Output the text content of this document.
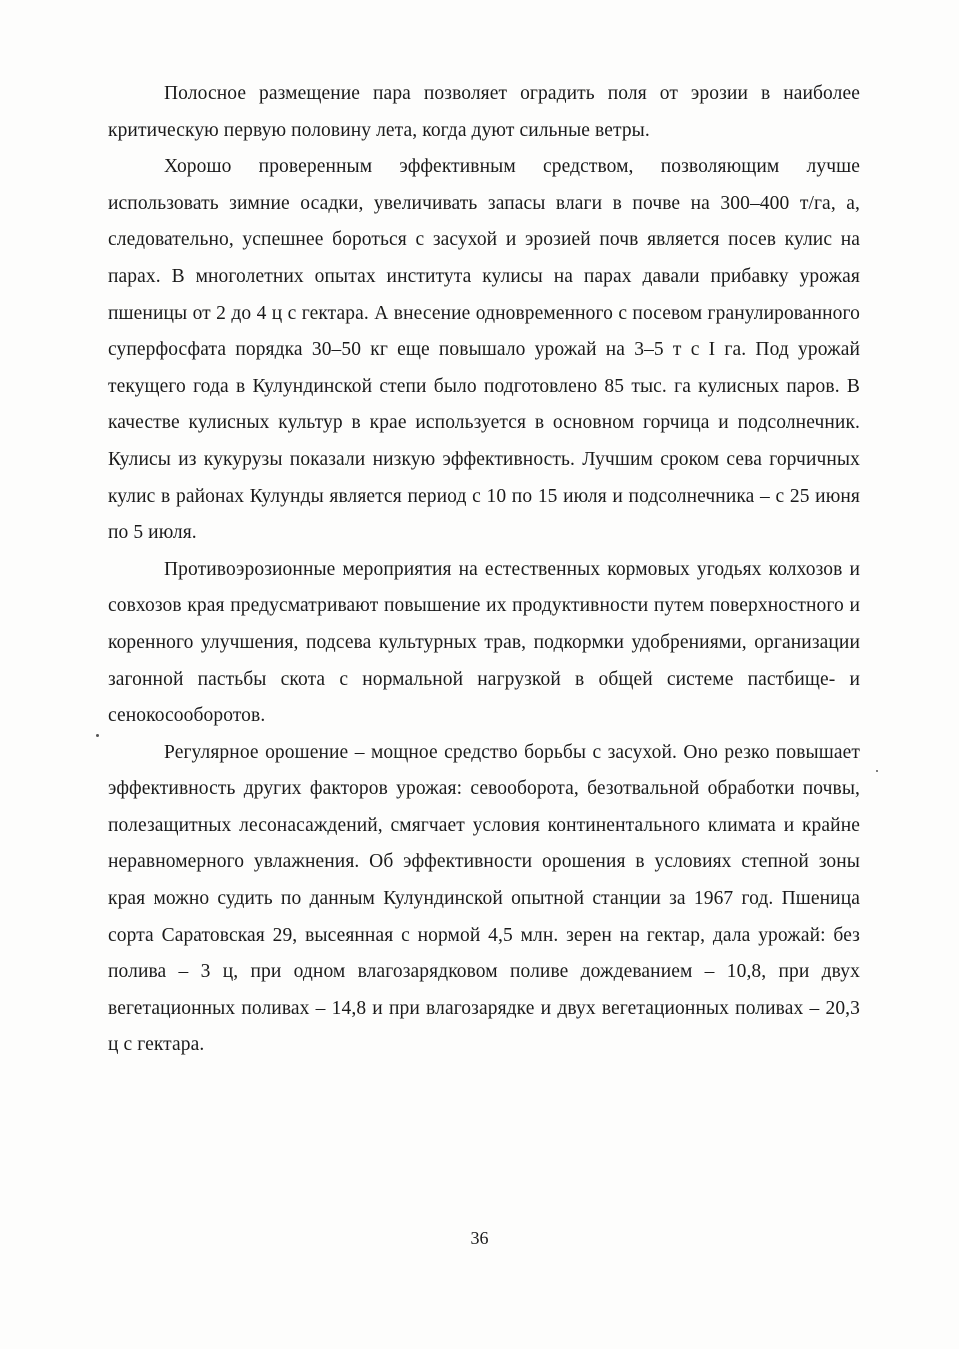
Полосное размещение пара позволяет оградить поля от эрозии в наиболее критическую первую половину лета, когда дуют сильные ветры.

Хорошо проверенным эффективным средством, позволяющим лучше использовать зимние осадки, увеличивать запасы влаги в почве на 300–400 т/га, а, следовательно, успешнее бороться с засухой и эрозией почв является посев кулис на парах. В многолетних опытах института кулисы на парах давали прибавку урожая пшеницы от 2 до 4 ц с гектара. А внесение одновременного с посевом гранулированного суперфосфата порядка 30–50 кг еще повышало урожай на 3–5 т с I га. Под урожай текущего года в Кулундинской степи было подготовлено 85 тыс. га кулисных паров. В качестве кулисных культур в крае используется в основном горчица и подсолнечник. Кулисы из кукурузы показали низкую эффективность. Лучшим сроком сева горчичных кулис в районах Кулунды является период с 10 по 15 июля и подсолнечника – с 25 июня по 5 июля.

Противоэрозионные мероприятия на естественных кормовых угодьях колхозов и совхозов края предусматривают повышение их продуктивности путем поверхностного и коренного улучшения, подсева культурных трав, подкормки удобрениями, организации загонной пастьбы скота с нормальной нагрузкой в общей системе пастбище- и сенокосооборотов.

Регулярное орошение – мощное средство борьбы с засухой. Оно резко повышает эффективность других факторов урожая: севооборота, безотвальной обработки почвы, полезащитных лесонасаждений, смягчает условия континентального климата и крайне неравномерного увлажнения. Об эффективности орошения в условиях степной зоны края можно судить по данным Кулундинской опытной станции за 1967 год. Пшеница сорта Саратовская 29, высеянная с нормой 4,5 млн. зерен на гектар, дала урожай: без полива – 3 ц, при одном влагозарядковом поливе дождеванием – 10,8, при двух вегетационных поливах – 14,8 и при влагозарядке и двух вегетационных поливах – 20,3 ц с гектара.

36
